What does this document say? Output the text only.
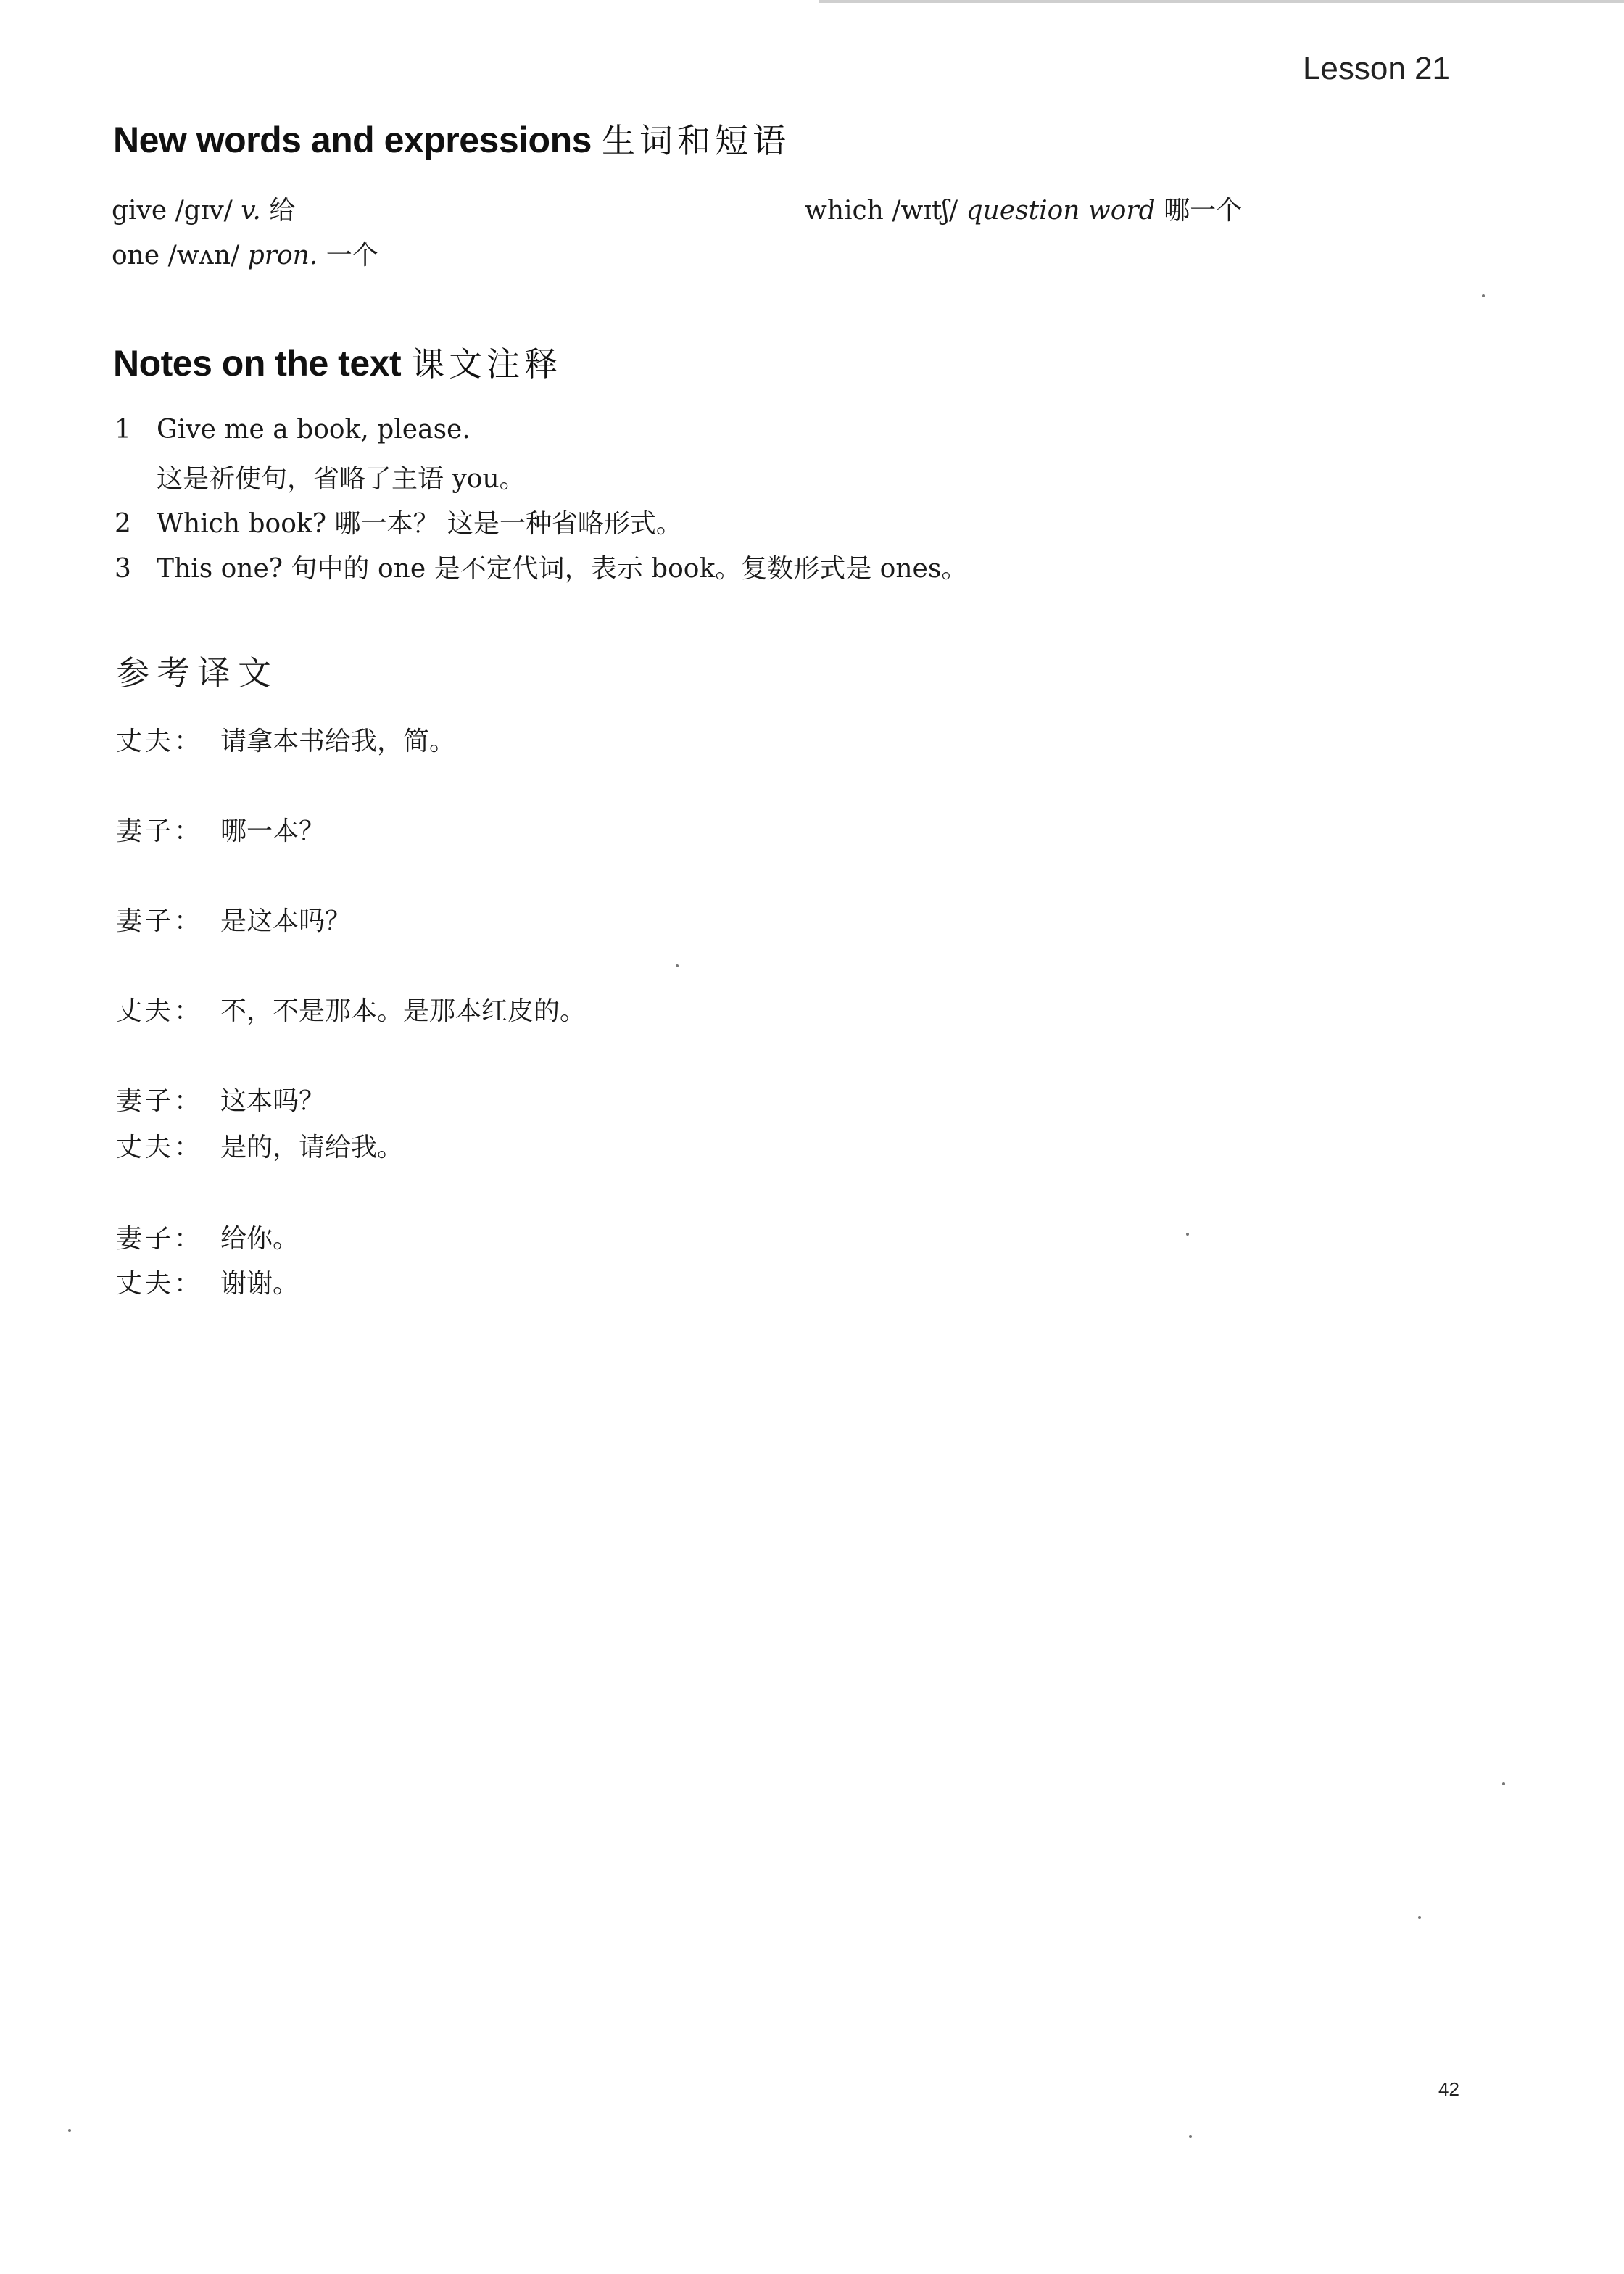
Lesson 21
New words and expressions 生词和短语
give /gɪv/ v. 给
one /wʌn/ pron. 一个
which /wɪtʃ/ question word 哪一个
Notes on the text 课文注释
1 Give me a book, please.
这是祈使句，省略了主语 you。
2 Which book? 哪一本？ 这是一种省略形式。
3 This one? 句中的 one 是不定代词，表示 book。复数形式是 ones。
参考译文
丈夫： 请拿本书给我，简。
妻子： 哪一本？
妻子： 是这本吗？
丈夫： 不，不是那本。是那本红皮的。
妻子： 这本吗？
丈夫： 是的，请给我。
妻子： 给你。
丈夫： 谢谢。
42
